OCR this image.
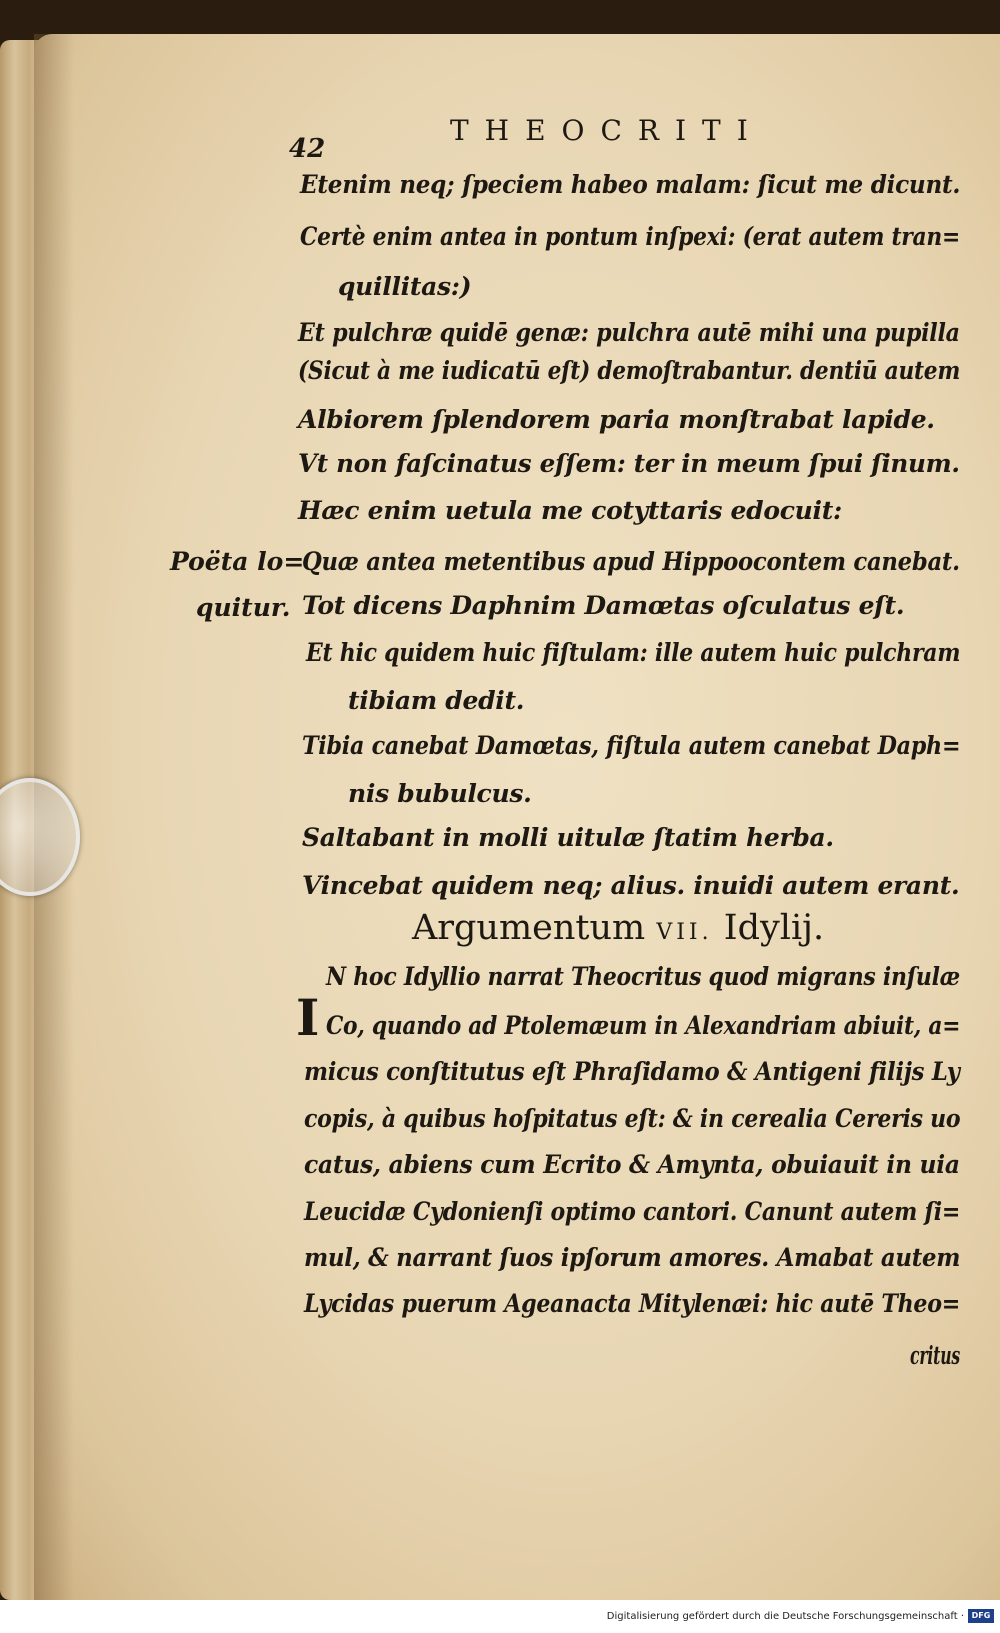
42
THEOCRITI
Etenim neq; ſpeciem habeo malam: ſicut me dicunt.
Certè enim antea in pontum inſpexi: (erat autem tran=
quillitas:)
Et pulchræ quidē genæ: pulchra autē mihi una pupilla
(Sicut à me iudicatū eſt) demoſtrabantur. dentiū autem
Albiorem ſplendorem paria monſtrabat lapide.
Vt non faſcinatus eſſem: ter in meum ſpui ſinum.
Hæc enim uetula me cotyttaris edocuit:
Quæ antea metentibus apud Hippoocontem canebat.
Tot dicens Daphnim Damœtas oſculatus eſt.
Et hic quidem huic fiſtulam: ille autem huic pulchram
tibiam dedit.
Tibia canebat Damœtas, fiſtula autem canebat Daph=
nis bubulcus.
Saltabant in molli uitulæ ſtatim herba.
Vincebat quidem neq; alius. inuidi autem erant.
Poëta lo=
quitur.
Argumentum VII. Idylij.
I
N hoc Idyllio narrat Theocritus quod migrans inſulæ
Co, quando ad Ptolemæum in Alexandriam abiuit, a=
micus conſtitutus eſt Phraſidamo & Antigeni filijs Ly
copis, à quibus hoſpitatus eſt: & in cerealia Cereris uo
catus, abiens cum Ecrito & Amynta, obuiauit in uia
Leucidæ Cydonienſi optimo cantori. Canunt autem ſi=
mul, & narrant ſuos ipſorum amores. Amabat autem
Lycidas puerum Ageanacta Mitylenæi: hic autē Theo=
critus
Digitalisierung gefördert durch die Deutsche Forschungsgemeinschaft · DFG
